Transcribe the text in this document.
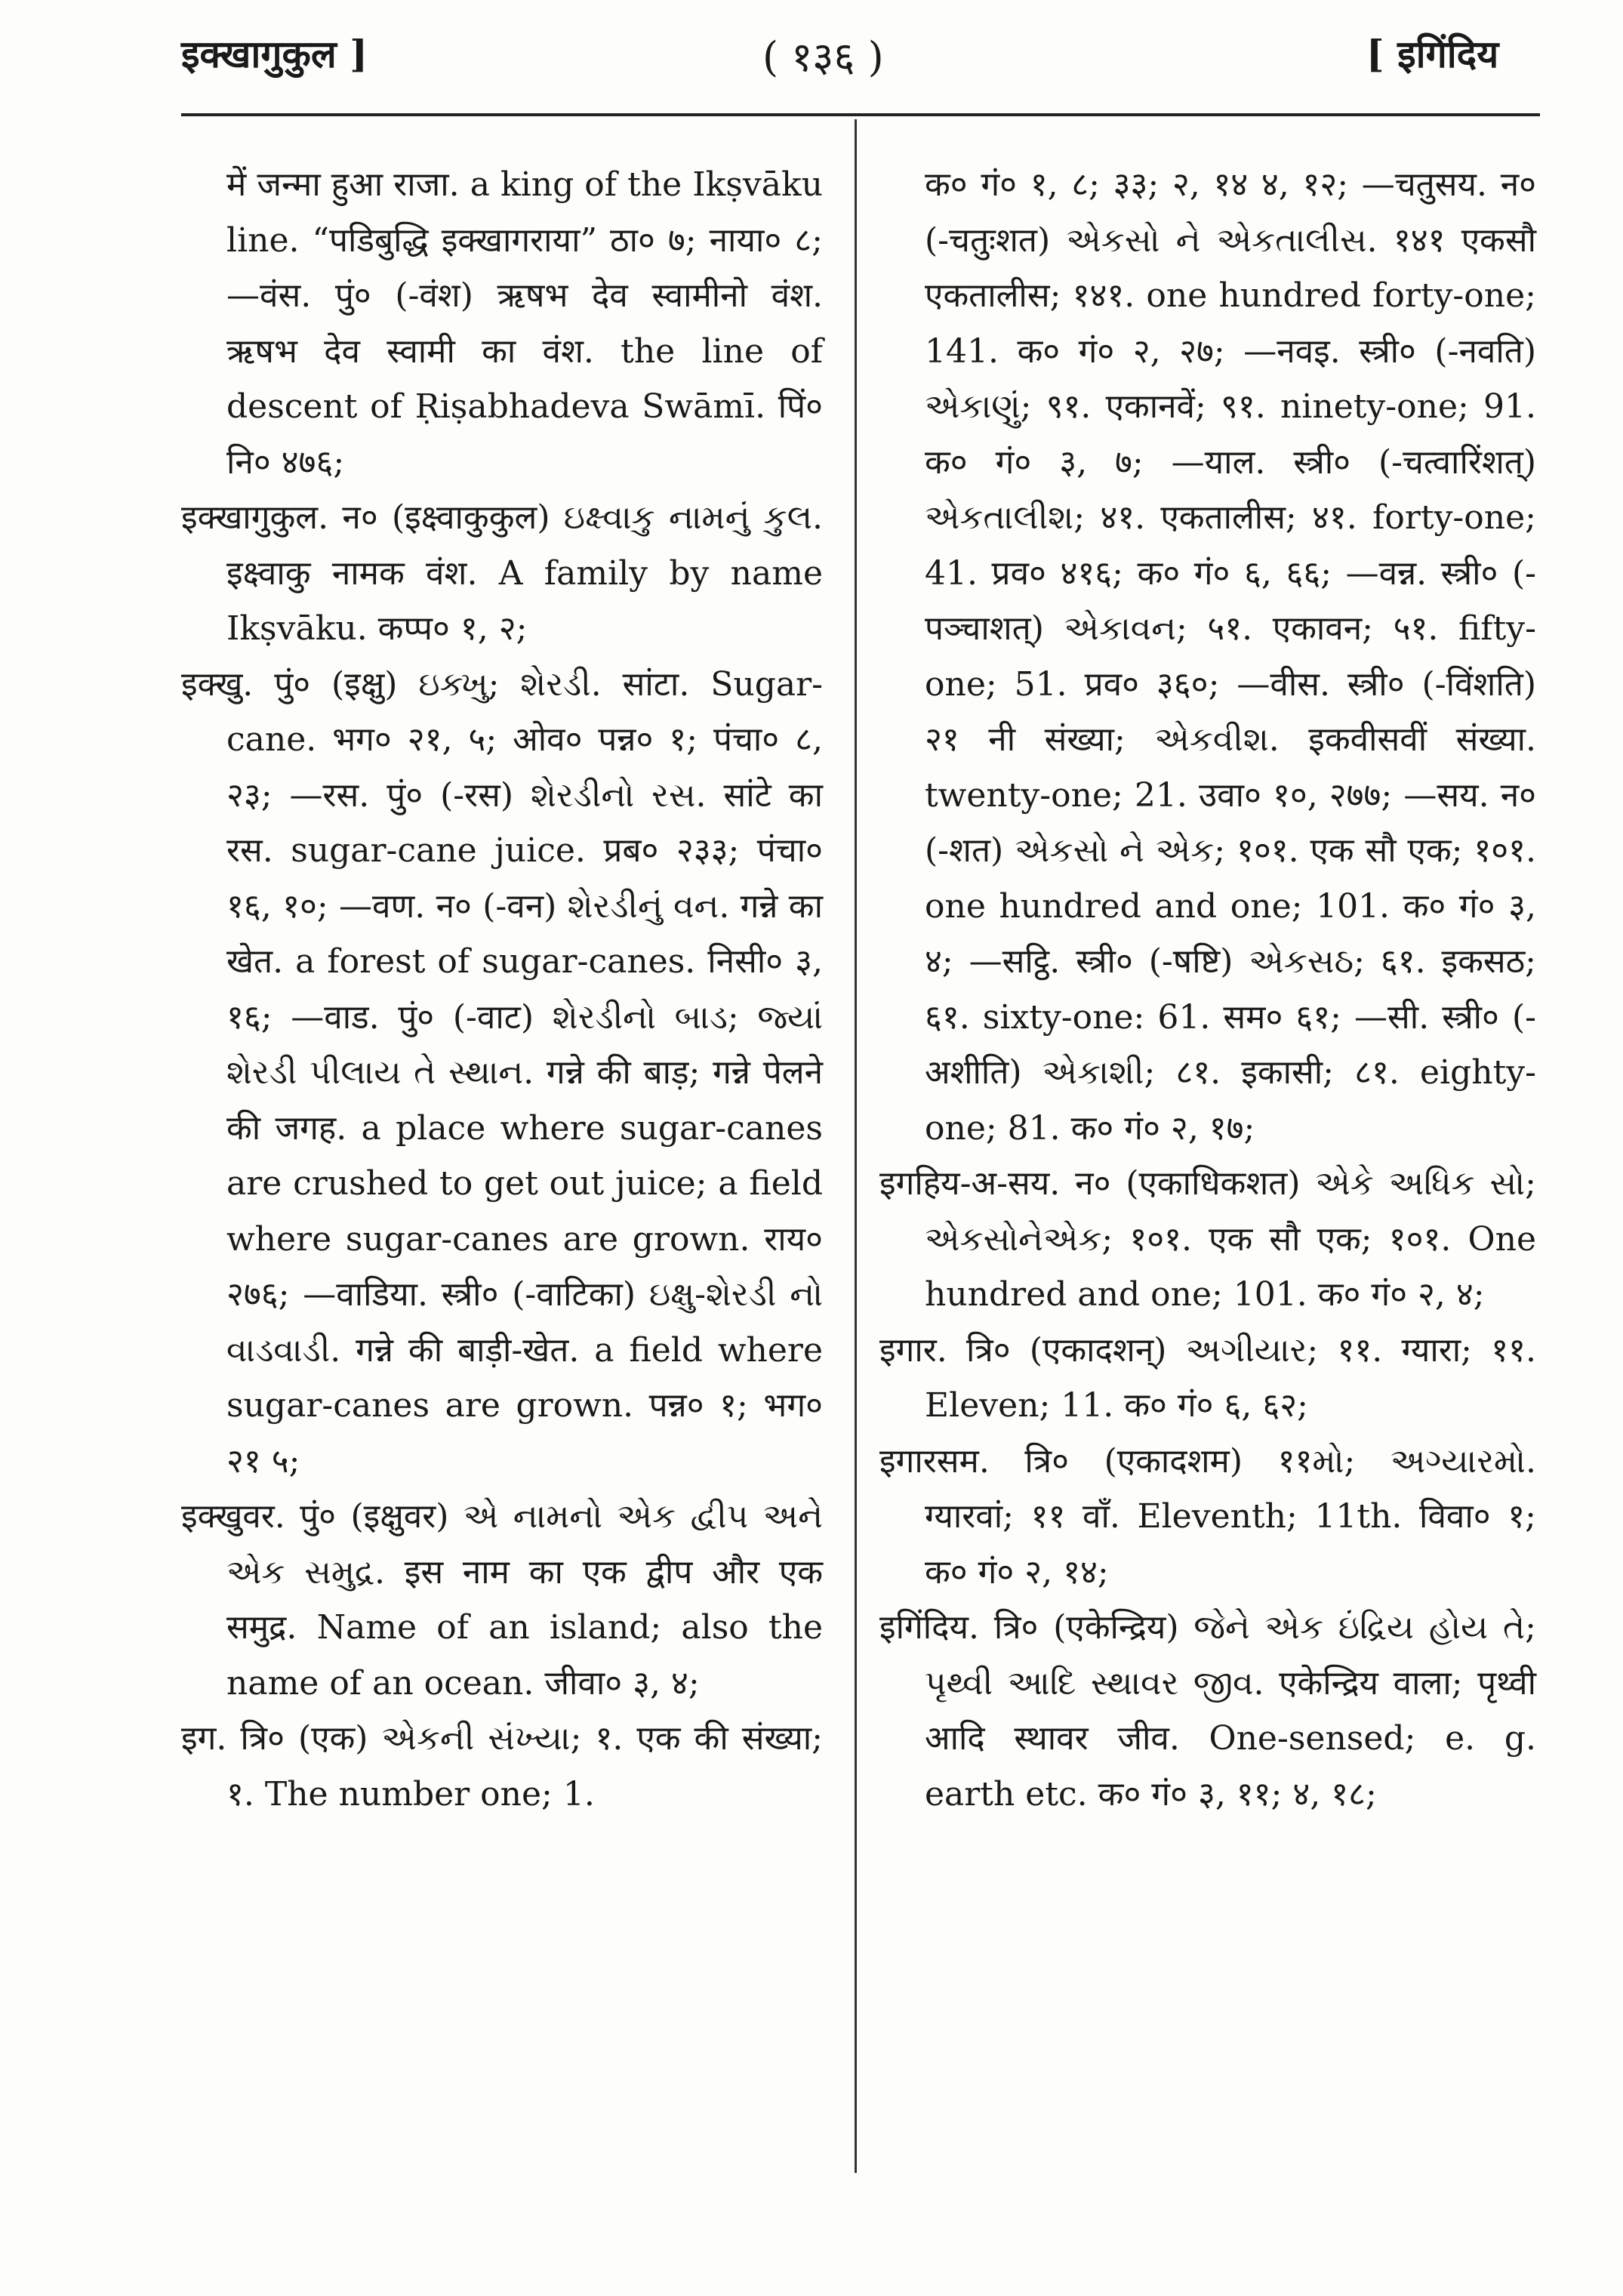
इक्खागुकुल ]	( १३६ )	[ इगिंदिय

में जन्मा हुआ राजा. a king of the Ikṣvāku line. “पडिबुद्धि इक्खागराया” ठा० ७; नाया० ८; —वंस. पुं० (-वंश) ऋषभ देव स्वामीनो वंश. ऋषभ देव स्वामी का वंश. the line of descent of Ṛiṣabhadeva Swāmī. पिं० नि० ४७६;

इक्खागुकुल. न० (इक्ष्वाकुकुल) ઇક્ષ્વાકુ નામનું કુલ. इक्ष्वाकु नामक वंश. A family by name Ikṣvāku. कप्प० १, २;

इक्खु. पुं० (इक्षु) ઇક્ખુ; શેરડી. सांटा. Sugar-cane. भग० २१, ५; ओव० पन्न० १; पंचा० ८, २३; —रस. पुं० (-रस) શેરડીનો રસ. सांटे का रस. sugar-cane juice. प्रब० २३३; पंचा० १६, १०; —वण. न० (-वन) શેરડીનું વન. गन्ने का खेत. a forest of sugar-canes. निसी० ३, १६; —वाड. पुं० (-वाट) શેરડીનો બાડ; જ્યાં શેરડી પીલાય તે સ્થાન. गन्ने की बाड़; गन्ने पेलने की जगह. a place where sugar-canes are crushed to get out juice; a field where sugar-canes are grown. राय० २७६; —वाडिया. स्त्री० (-वाटिका) ઇક્ષુ-શેરડી નો વાડવાડી. गन्ने की बाड़ी-खेत. a field where sugar-canes are grown. पन्न० १; भग० २१ ५;

इक्खुवर. पुं० (इक्षुवर) એ નામનો એક દ્વીપ અને એક સમુદ્ર. इस नाम का एक द्वीप और एक समुद्र. Name of an island; also the name of an ocean. जीवा० ३, ४;

इग. त्रि० (एक) એકની સંખ્યા; १. एक की संख्या; १. The number one; 1.

क० गं० १, ८; ३३; २, १४ ४, १२; —चतुसय. न० (-चतुःशत) એકસો ને એકતાલીસ. १४१ एकसौ एकतालीस; १४१. one hundred forty-one; 141. क० गं० २, २७; —नवइ. स्त्री० (-नवति) એકાણું; ९१. एकानवें; ९१. ninety-one; 91. क० गं० ३, ७; —याल. स्त्री० (-चत्वारिंशत्) એકતાલીશ; ४१. एकतालीस; ४१. forty-one; 41. प्रव० ४१६; क० गं० ६, ६६; —वन्न. स्त्री० (-पञ्चाशत्) એકાવન; ५१. एकावन; ५१. fifty-one; 51. प्रव० ३६०; —वीस. स्त्री० (-विंशति) २१ नी संख्या; એકવીશ. इकवीसवीं संख्या. twenty-one; 21. उवा० १०, २७७; —सय. न० (-शत) એકસો ને એક; १०१. एक सौ एक; १०१. one hundred and one; 101. क० गं० ३, ४; —सट्ठि. स्त्री० (-षष्टि) એકસઠ; ६१. इकसठ; ६१. sixty-one: 61. सम० ६१; —सी. स्त्री० (-अशीति) એકાશી; ८१. इकासी; ८१. eighty-one; 81. क० गं० २, १७;

इगहिय-अ-सय. न० (एकाधिकशत) એકે અધિક સો; એકસોનેએક; १०१. एक सौ एक; १०१. One hundred and one; 101. क० गं० २, ४;

इगार. त्रि० (एकादशन्) અગીયાર; ११. ग्यारा; ११. Eleven; 11. क० गं० ६, ६२;

इगारसम. त्रि० (एकादशम) ११મો; અગ્યારમો. ग्यारवां; ११ वाँ. Eleventh; 11th. विवा० १; क० गं० २, १४;

इगिंदिय. त्रि० (एकेन्द्रिय) જેને એક ઇંદ્રિય હોય તે; પૃથ્વી આદિ સ્થાવર જીવ. एकेन्द्रिय वाला; पृथ्वी आदि स्थावर जीव. One-sensed; e. g. earth etc. क० गं० ३, ११; ४, १८;
